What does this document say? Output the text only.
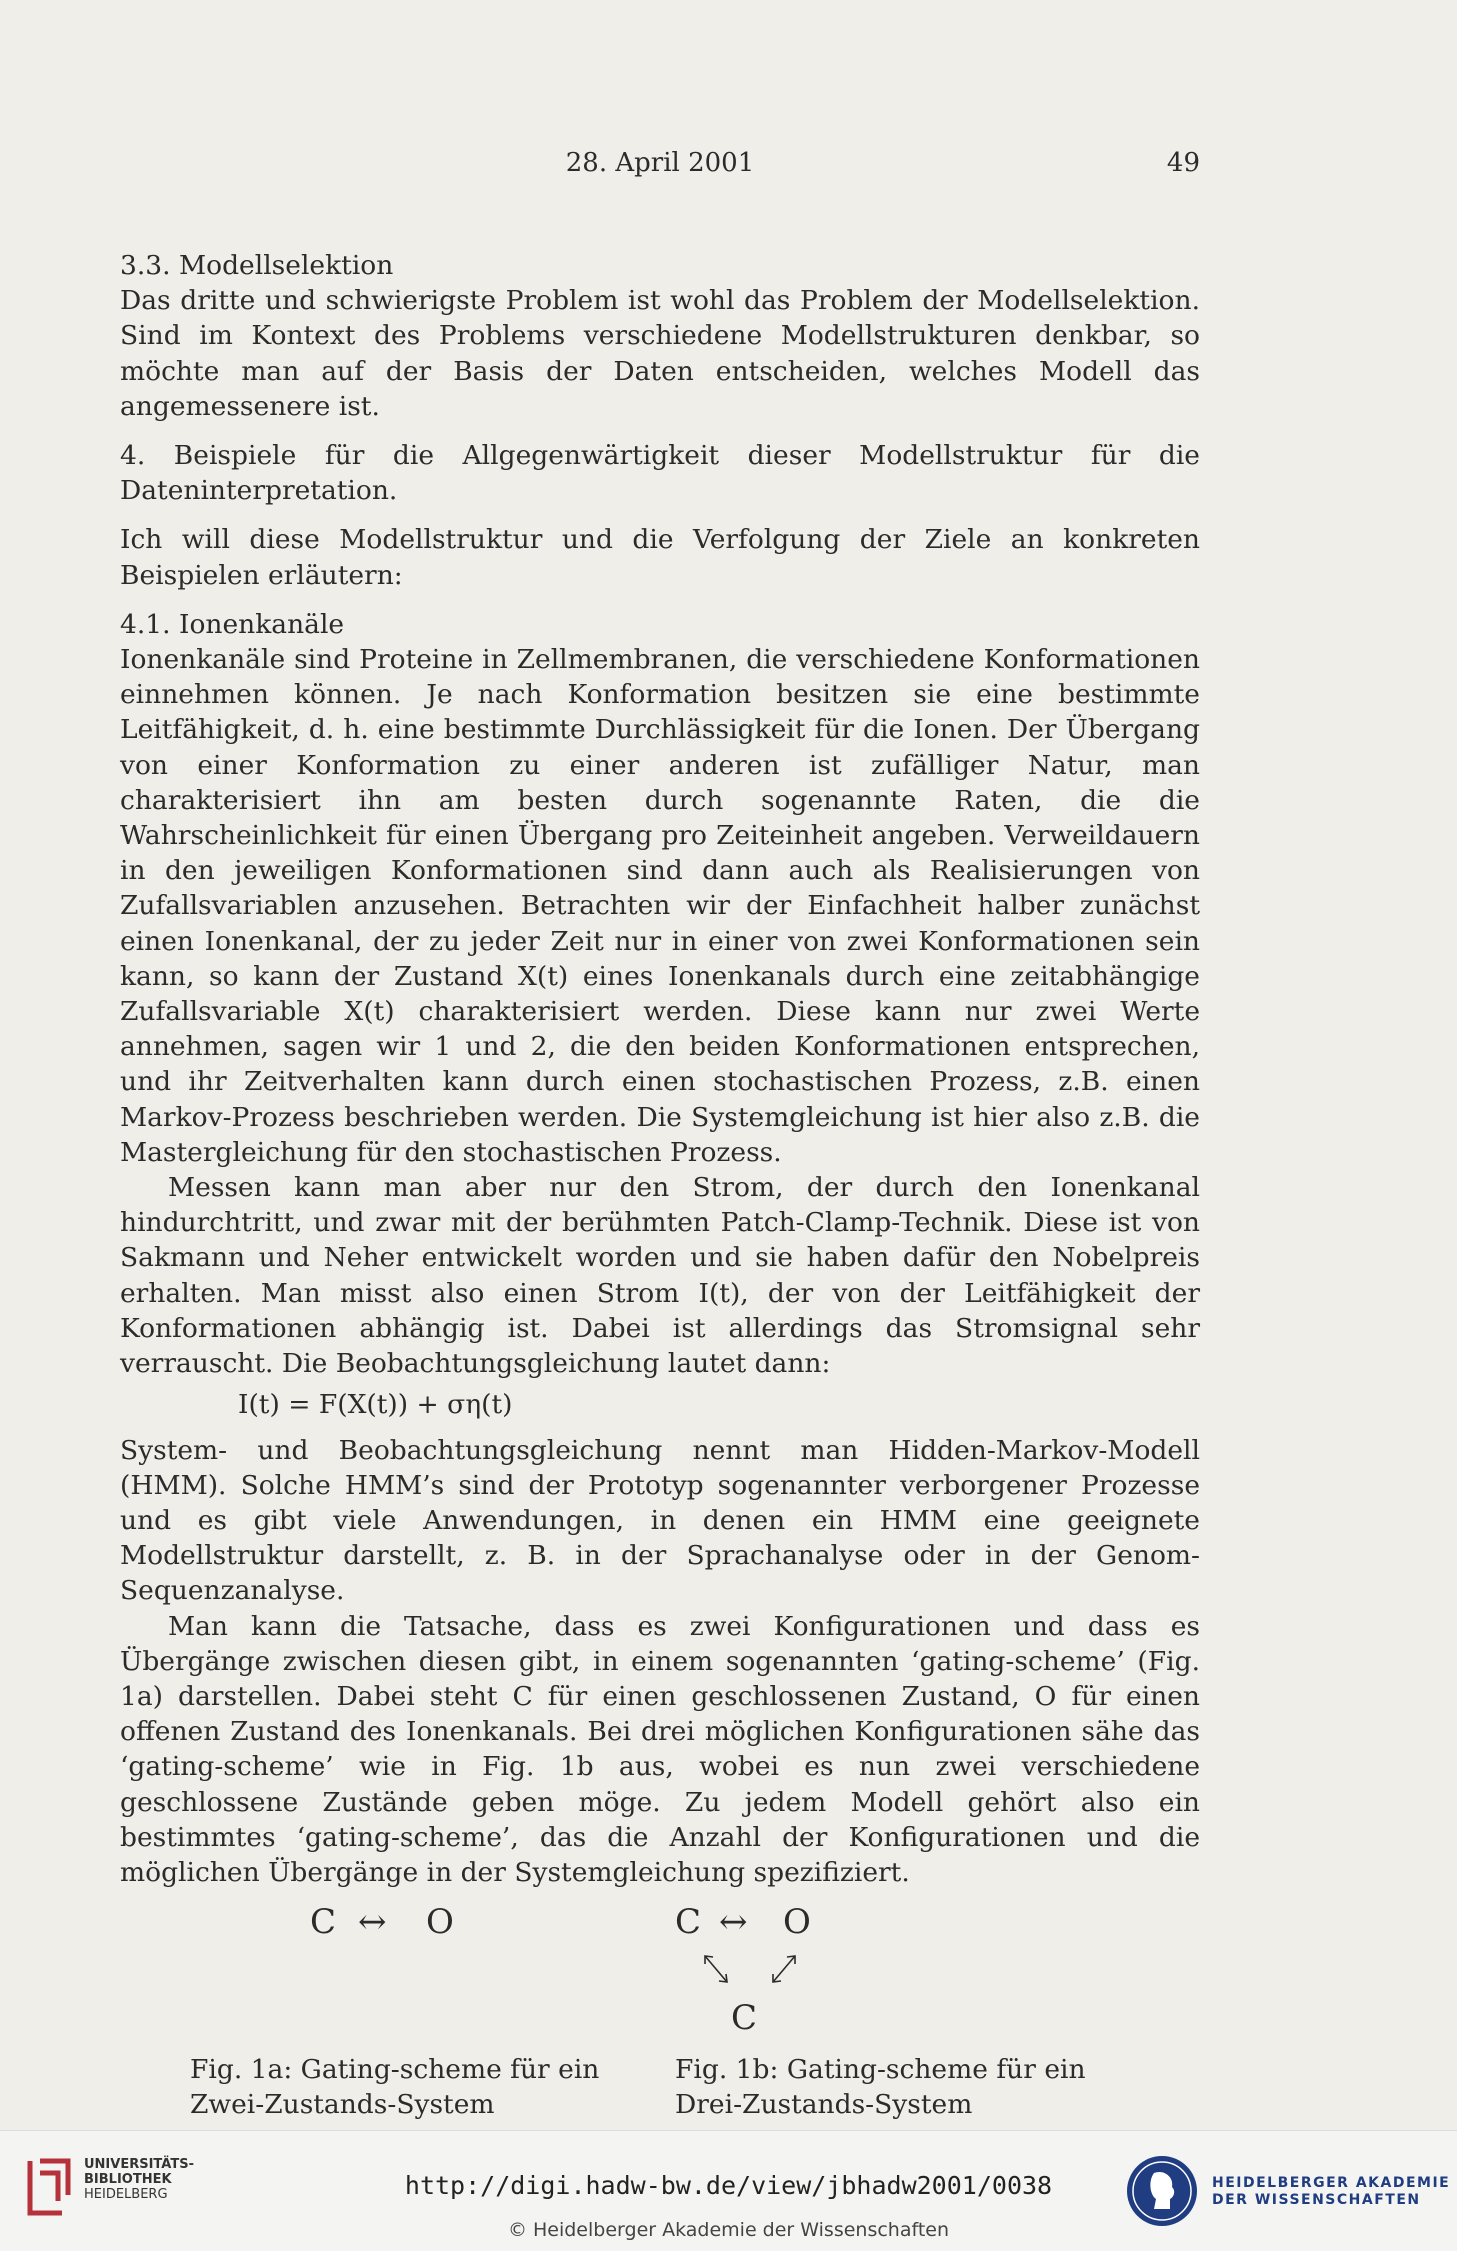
28. April 2001	49

3.3. Modellselektion

Das dritte und schwierigste Problem ist wohl das Problem der Modellselektion. Sind im Kontext des Problems verschiedene Modellstrukturen denkbar, so möchte man auf der Basis der Daten entscheiden, welches Modell das angemessenere ist.

4. Beispiele für die Allgegenwärtigkeit dieser Modellstruktur für die Dateninterpretation.

Ich will diese Modellstruktur und die Verfolgung der Ziele an konkreten Beispielen erläutern:

4.1. Ionenkanäle

Ionenkanäle sind Proteine in Zellmembranen, die verschiedene Konformationen einnehmen können. Je nach Konformation besitzen sie eine bestimmte Leitfähigkeit, d. h. eine bestimmte Durchlässigkeit für die Ionen. Der Übergang von einer Konformation zu einer anderen ist zufälliger Natur, man charakterisiert ihn am besten durch sogenannte Raten, die die Wahrscheinlichkeit für einen Übergang pro Zeiteinheit angeben. Verweildauern in den jeweiligen Konformationen sind dann auch als Realisierungen von Zufallsvariablen anzusehen. Betrachten wir der Einfachheit halber zunächst einen Ionenkanal, der zu jeder Zeit nur in einer von zwei Konformationen sein kann, so kann der Zustand X(t) eines Ionenkanals durch eine zeitabhängige Zufallsvariable X(t) charakterisiert werden. Diese kann nur zwei Werte annehmen, sagen wir 1 und 2, die den beiden Konformationen entsprechen, und ihr Zeitverhalten kann durch einen stochastischen Prozess, z.B. einen Markov-Prozess beschrieben werden. Die Systemgleichung ist hier also z.B. die Mastergleichung für den stochastischen Prozess.

Messen kann man aber nur den Strom, der durch den Ionenkanal hindurchtritt, und zwar mit der berühmten Patch-Clamp-Technik. Diese ist von Sakmann und Neher entwickelt worden und sie haben dafür den Nobelpreis erhalten. Man misst also einen Strom I(t), der von der Leitfähigkeit der Konformationen abhängig ist. Dabei ist allerdings das Stromsignal sehr verrauscht. Die Beobachtungsgleichung lautet dann:

I(t) = F(X(t)) + ση(t)

System- und Beobachtungsgleichung nennt man Hidden-Markov-Modell (HMM). Solche HMM’s sind der Prototyp sogenannter verborgener Prozesse und es gibt viele Anwendungen, in denen ein HMM eine geeignete Modellstruktur darstellt, z. B. in der Sprachanalyse oder in der Genom-Sequenzanalyse.

Man kann die Tatsache, dass es zwei Konfigurationen und dass es Übergänge zwischen diesen gibt, in einem sogenannten ‘gating-scheme’ (Fig. 1a) darstellen. Dabei steht C für einen geschlossenen Zustand, O für einen offenen Zustand des Ionenkanals. Bei drei möglichen Konfigurationen sähe das ‘gating-scheme’ wie in Fig. 1b aus, wobei es nun zwei verschiedene geschlossene Zustände geben möge. Zu jedem Modell gehört also ein bestimmtes ‘gating-scheme’, das die Anzahl der Konfigurationen und die möglichen Übergänge in der Systemgleichung spezifiziert.

C ↔ O
Fig. 1a: Gating-scheme für ein
Zwei-Zustands-System
C ↔ O
C
Fig. 1b: Gating-scheme für ein
Drei-Zustands-System
UNIVERSITÄTS-
BIBLIOTHEK
HEIDELBERG	http://digi.hadw-bw.de/view/jbhadw2001/0038
© Heidelberger Akademie der Wissenschaften
HEIDELBERGER AKADEMIE
DER WISSENSCHAFTEN
